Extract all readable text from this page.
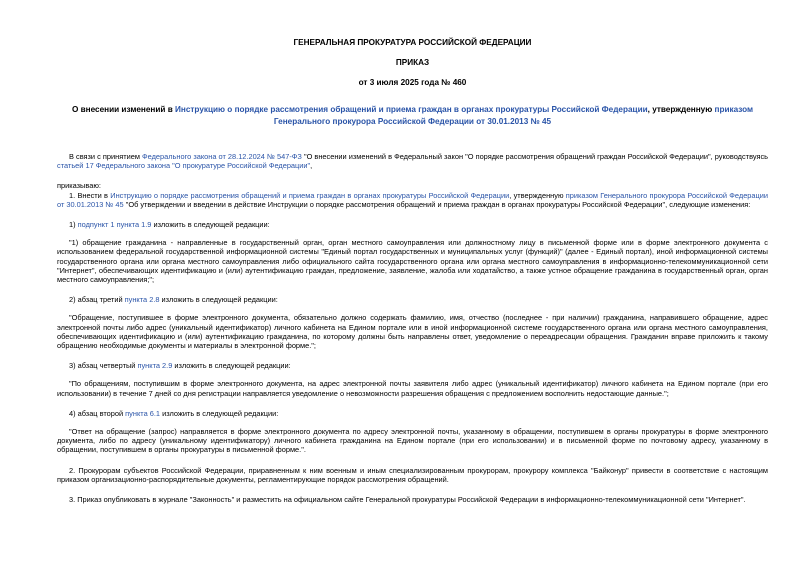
ГЕНЕРАЛЬНАЯ ПРОКУРАТУРА РОССИЙСКОЙ ФЕДЕРАЦИИ
ПРИКАЗ
от 3 июля 2025 года № 460
О внесении изменений в Инструкцию о порядке рассмотрения обращений и приема граждан в органах прокуратуры Российской Федерации, утвержденную приказом Генерального прокурора Российской Федерации от 30.01.2013 № 45

В связи с принятием Федерального закона от 28.12.2024 № 547-ФЗ "О внесении изменений в Федеральный закон "О порядке рассмотрения обращений граждан Российской Федерации", руководствуясь статьей 17 Федерального закона "О прокуратуре Российской Федерации",

приказываю:

1. Внести в Инструкцию о порядке рассмотрения обращений и приема граждан в органах прокуратуры Российской Федерации, утвержденную приказом Генерального прокурора Российской Федерации от 30.01.2013 № 45 "Об утверждении и введении в действие Инструкции о порядке рассмотрения обращений и приема граждан в органах прокуратуры Российской Федерации", следующие изменения:

1) подпункт 1 пункта 1.9 изложить в следующей редакции:

"1) обращение гражданина - направленные в государственный орган, орган местного самоуправления или должностному лицу в письменной форме или в форме электронного документа с использованием федеральной государственной информационной системы "Единый портал государственных и муниципальных услуг (функций)" (далее - Единый портал), иной информационной системы государственного органа или органа местного самоуправления либо официального сайта государственного органа или органа местного самоуправления в информационно-телекоммуникационной сети "Интернет", обеспечивающих идентификацию и (или) аутентификацию граждан, предложение, заявление, жалоба или ходатайство, а также устное обращение гражданина в государственный орган, орган местного самоуправления;";

2) абзац третий пункта 2.8 изложить в следующей редакции:

"Обращение, поступившее в форме электронного документа, обязательно должно содержать фамилию, имя, отчество (последнее - при наличии) гражданина, направившего обращение, адрес электронной почты либо адрес (уникальный идентификатор) личного кабинета на Едином портале или в иной информационной системе государственного органа или органа местного самоуправления, обеспечивающих идентификацию и (или) аутентификацию гражданина, по которому должны быть направлены ответ, уведомление о переадресации обращения. Гражданин вправе приложить к такому обращению необходимые документы и материалы в электронной форме.";

3) абзац четвертый пункта 2.9 изложить в следующей редакции:

"По обращениям, поступившим в форме электронного документа, на адрес электронной почты заявителя либо адрес (уникальный идентификатор) личного кабинета на Едином портале (при его использовании) в течение 7 дней со дня регистрации направляется уведомление о невозможности разрешения обращения с предложением восполнить недостающие данные.";

4) абзац второй пункта 6.1 изложить в следующей редакции:

"Ответ на обращение (запрос) направляется в форме электронного документа по адресу электронной почты, указанному в обращении, поступившем в органы прокуратуры в форме электронного документа, либо по адресу (уникальному идентификатору) личного кабинета гражданина на Едином портале (при его использовании) и в письменной форме по почтовому адресу, указанному в обращении, поступившем в органы прокуратуры в письменной форме.".

2. Прокурорам субъектов Российской Федерации, приравненным к ним военным и иным специализированным прокурорам, прокурору комплекса "Байконур" привести в соответствие с настоящим приказом организационно-распорядительные документы, регламентирующие порядок рассмотрения обращений.

3. Приказ опубликовать в журнале "Законность" и разместить на официальном сайте Генеральной прокуратуры Российской Федерации в информационно-телекоммуникационной сети "Интернет".
